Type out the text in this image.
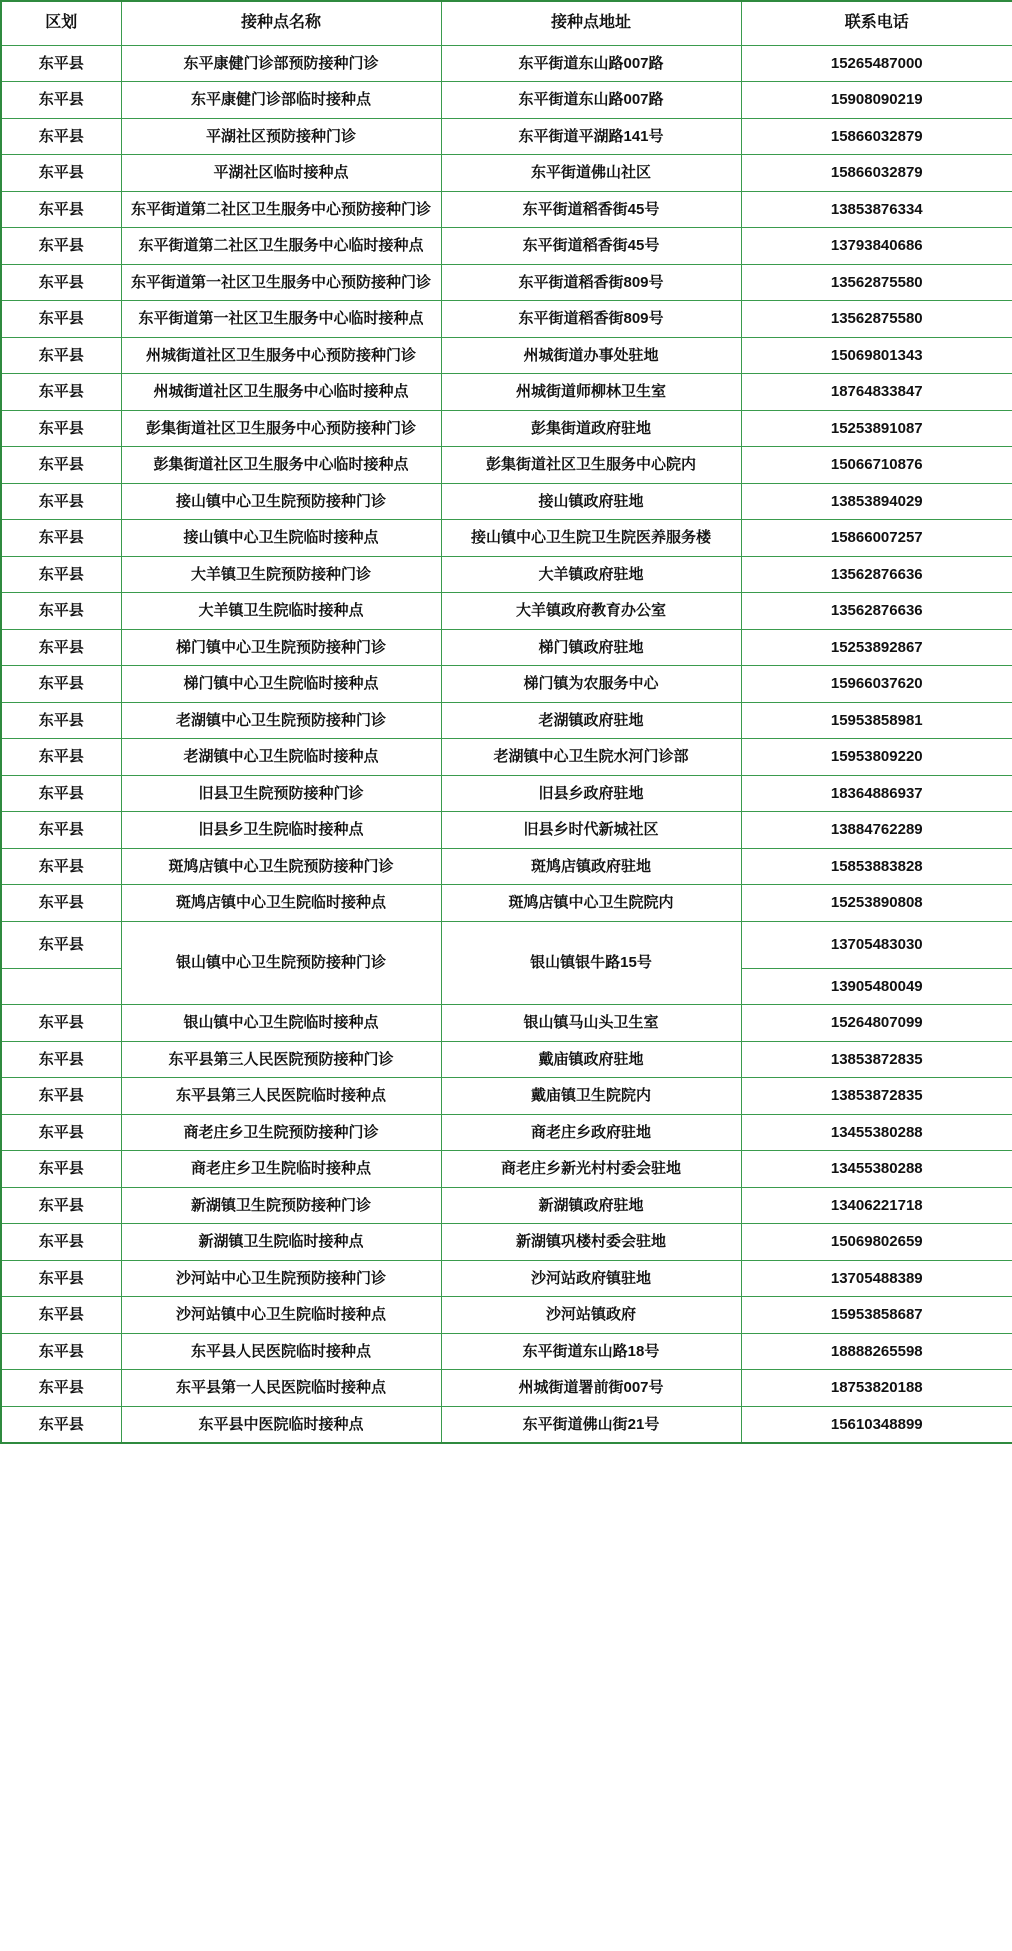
区划	接种点名称	接种点地址	联系电话
东平县	东平康健门诊部预防接种门诊	东平街道东山路007路	15265487000
东平县	东平康健门诊部临时接种点	东平街道东山路007路	15908090219
东平县	平湖社区预防接种门诊	东平街道平湖路141号	15866032879
东平县	平湖社区临时接种点	东平街道佛山社区	15866032879
东平县	东平街道第二社区卫生服务中心预防接种门诊	东平街道稻香街45号	13853876334
东平县	东平街道第二社区卫生服务中心临时接种点	东平街道稻香街45号	13793840686
东平县	东平街道第一社区卫生服务中心预防接种门诊	东平街道稻香街809号	13562875580
东平县	东平街道第一社区卫生服务中心临时接种点	东平街道稻香街809号	13562875580
东平县	州城街道社区卫生服务中心预防接种门诊	州城街道办事处驻地	15069801343
东平县	州城街道社区卫生服务中心临时接种点	州城街道师柳林卫生室	18764833847
东平县	彭集街道社区卫生服务中心预防接种门诊	彭集街道政府驻地	15253891087
东平县	彭集街道社区卫生服务中心临时接种点	彭集街道社区卫生服务中心院内	15066710876
东平县	接山镇中心卫生院预防接种门诊	接山镇政府驻地	13853894029
东平县	接山镇中心卫生院临时接种点	接山镇中心卫生院卫生院医养服务楼	15866007257
东平县	大羊镇卫生院预防接种门诊	大羊镇政府驻地	13562876636
东平县	大羊镇卫生院临时接种点	大羊镇政府教育办公室	13562876636
东平县	梯门镇中心卫生院预防接种门诊	梯门镇政府驻地	15253892867
东平县	梯门镇中心卫生院临时接种点	梯门镇为农服务中心	15966037620
东平县	老湖镇中心卫生院预防接种门诊	老湖镇政府驻地	15953858981
东平县	老湖镇中心卫生院临时接种点	老湖镇中心卫生院水河门诊部	15953809220
东平县	旧县卫生院预防接种门诊	旧县乡政府驻地	18364886937
东平县	旧县乡卫生院临时接种点	旧县乡时代新城社区	13884762289
东平县	斑鸠店镇中心卫生院预防接种门诊	斑鸠店镇政府驻地	15853883828
东平县	斑鸠店镇中心卫生院临时接种点	斑鸠店镇中心卫生院院内	15253890808
东平县	银山镇中心卫生院预防接种门诊	银山镇银牛路15号	13705483030
			13905480049
东平县	银山镇中心卫生院临时接种点	银山镇马山头卫生室	15264807099
东平县	东平县第三人民医院预防接种门诊	戴庙镇政府驻地	13853872835
东平县	东平县第三人民医院临时接种点	戴庙镇卫生院院内	13853872835
东平县	商老庄乡卫生院预防接种门诊	商老庄乡政府驻地	13455380288
东平县	商老庄乡卫生院临时接种点	商老庄乡新光村村委会驻地	13455380288
东平县	新湖镇卫生院预防接种门诊	新湖镇政府驻地	13406221718
东平县	新湖镇卫生院临时接种点	新湖镇巩楼村委会驻地	15069802659
东平县	沙河站中心卫生院预防接种门诊	沙河站政府镇驻地	13705488389
东平县	沙河站镇中心卫生院临时接种点	沙河站镇政府	15953858687
东平县	东平县人民医院临时接种点	东平街道东山路18号	18888265598
东平县	东平县第一人民医院临时接种点	州城街道署前街007号	18753820188
东平县	东平县中医院临时接种点	东平街道佛山街21号	15610348899
